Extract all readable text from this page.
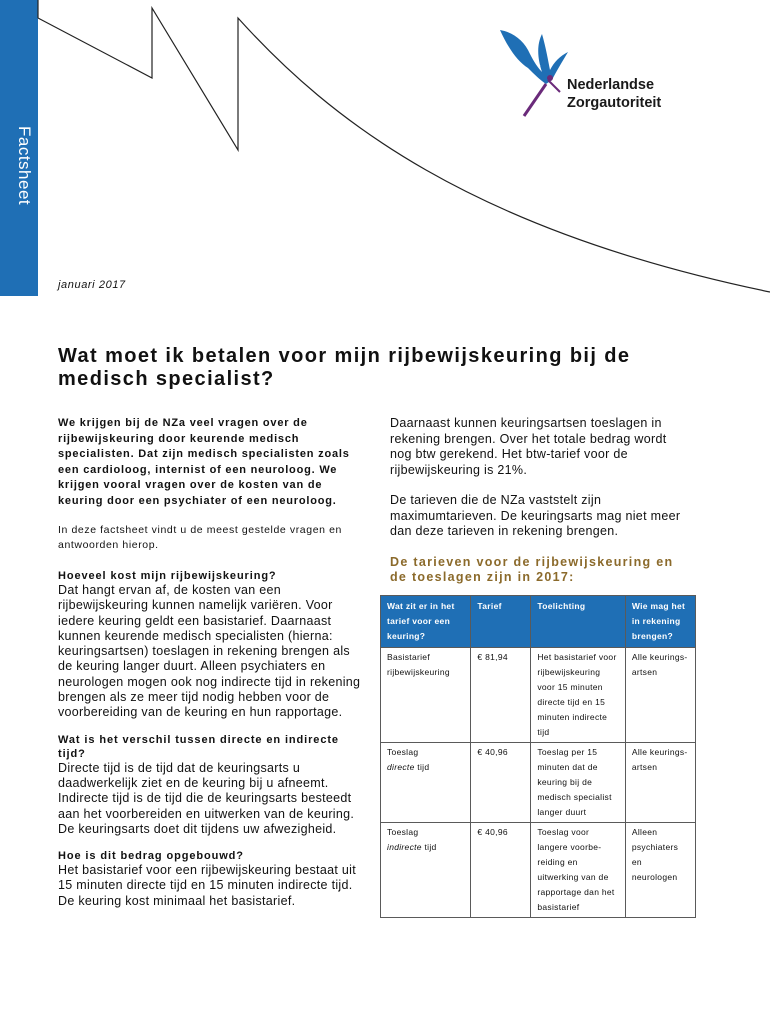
Factsheet
Nederlandse
Zorgautoriteit
januari 2017
Wat moet ik betalen voor mijn rijbewijskeuring bij de medisch specialist?

We krijgen bij de NZa veel vragen over de rijbewijskeuring door keurende medisch specialisten. Dat zijn medisch specialisten zoals een cardioloog, internist of een neuroloog. We krijgen vooral vragen over de kosten van de keuring door een psychiater of een neuroloog.

In deze factsheet vindt u de meest gestelde vragen en antwoorden hierop.

Hoeveel kost mijn rijbewijskeuring?

Dat hangt ervan af, de kosten van een rijbewijskeuring kunnen namelijk variëren. Voor iedere keuring geldt een basistarief. Daarnaast kunnen keurende medisch specialisten (hierna: keuringsartsen) toeslagen in rekening brengen als de keuring langer duurt. Alleen psychiaters en neurologen mogen ook nog indirecte tijd in rekening brengen als ze meer tijd nodig hebben voor de voorbereiding van de keuring en hun rapportage.

Wat is het verschil tussen directe en indirecte tijd?

Directe tijd is de tijd dat de keuringsarts u daadwerkelijk ziet en de keuring bij u afneemt. Indirecte tijd is de tijd die de keuringsarts besteedt aan het voorbereiden en uitwerken van de keuring. De keuringsarts doet dit tijdens uw afwezigheid.

Hoe is dit bedrag opgebouwd?

Het basistarief voor een rijbewijskeuring bestaat uit 15 minuten directe tijd en 15 minuten indirecte tijd. De keuring kost minimaal het basistarief.

Daarnaast kunnen keuringsartsen toeslagen in rekening brengen. Over het totale bedrag wordt nog btw gerekend. Het btw-tarief voor de rijbewijskeuring is 21%.

De tarieven die de NZa vaststelt zijn maximumtarieven. De keuringsarts mag niet meer dan deze tarieven in rekening brengen.

De tarieven voor de rijbewijskeuring en de toeslagen zijn in 2017:

Wat zit er in het tarief voor een keuring?	Tarief	Toelichting	Wie mag het in rekening brengen?
Basistarief rijbewijskeuring	€ 81,94	Het basistarief voor rijbewijskeuring voor 15 minuten directe tijd en 15 minuten indirecte tijd	Alle keurings-artsen
Toeslag
directe tijd	€ 40,96	Toeslag per 15 minuten dat de keuring bij de medisch specialist langer duurt	Alle keurings-artsen
Toeslag
indirecte tijd	€ 40,96	Toeslag voor langere voorbe-reiding en uitwerking van de rapportage dan het basistarief	Alleen psychiaters en neurologen
